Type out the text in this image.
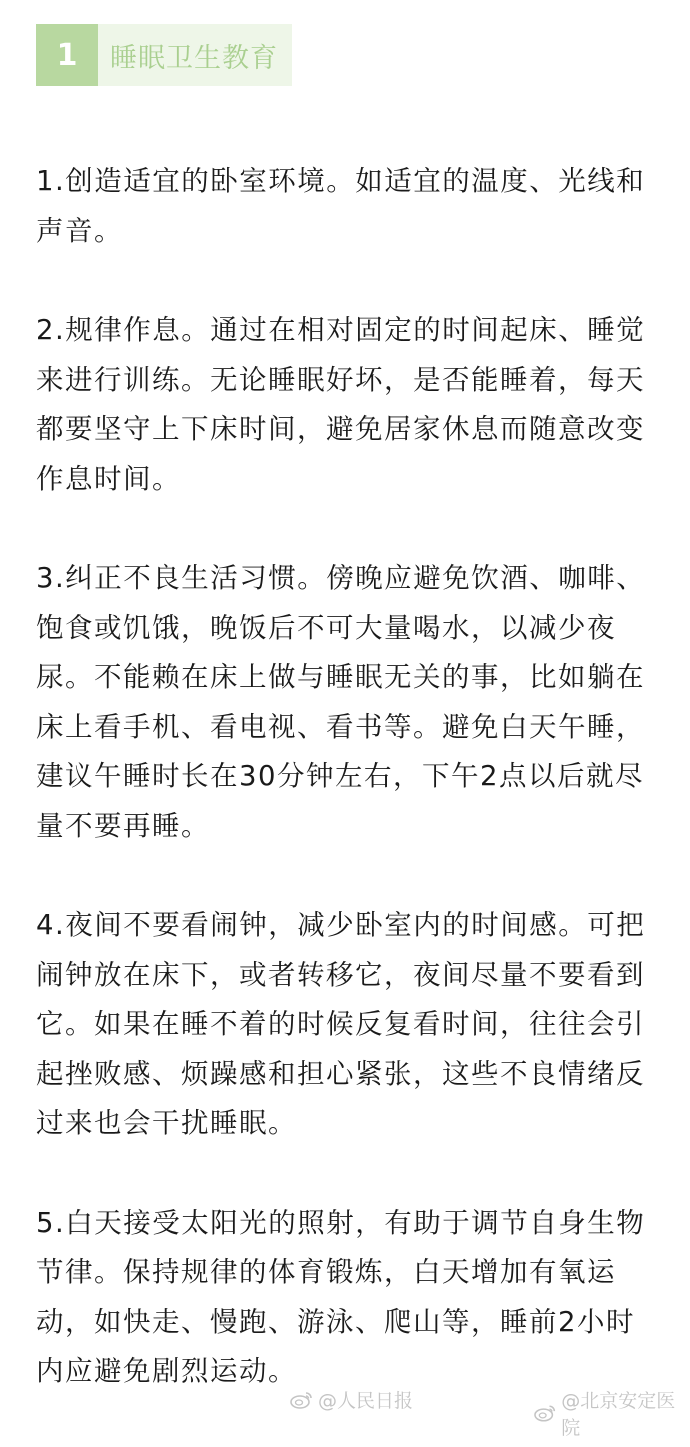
1	睡眠卫生教育

1.创造适宜的卧室环境。如适宜的温度、光线和声音。

2.规律作息。通过在相对固定的时间起床、睡觉来进行训练。无论睡眠好坏，是否能睡着，每天都要坚守上下床时间，避免居家休息而随意改变作息时间。

3.纠正不良生活习惯。傍晚应避免饮酒、咖啡、饱食或饥饿，晚饭后不可大量喝水，以减少夜尿。不能赖在床上做与睡眠无关的事，比如躺在床上看手机、看电视、看书等。避免白天午睡，建议午睡时长在30分钟左右，下午2点以后就尽量不要再睡。

4.夜间不要看闹钟，减少卧室内的时间感。可把闹钟放在床下，或者转移它，夜间尽量不要看到它。如果在睡不着的时候反复看时间，往往会引起挫败感、烦躁感和担心紧张，这些不良情绪反过来也会干扰睡眠。

5.白天接受太阳光的照射，有助于调节自身生物节律。保持规律的体育锻炼，白天增加有氧运动，如快走、慢跑、游泳、爬山等，睡前2小时内应避免剧烈运动。

@人民日报	@北京安定医院
